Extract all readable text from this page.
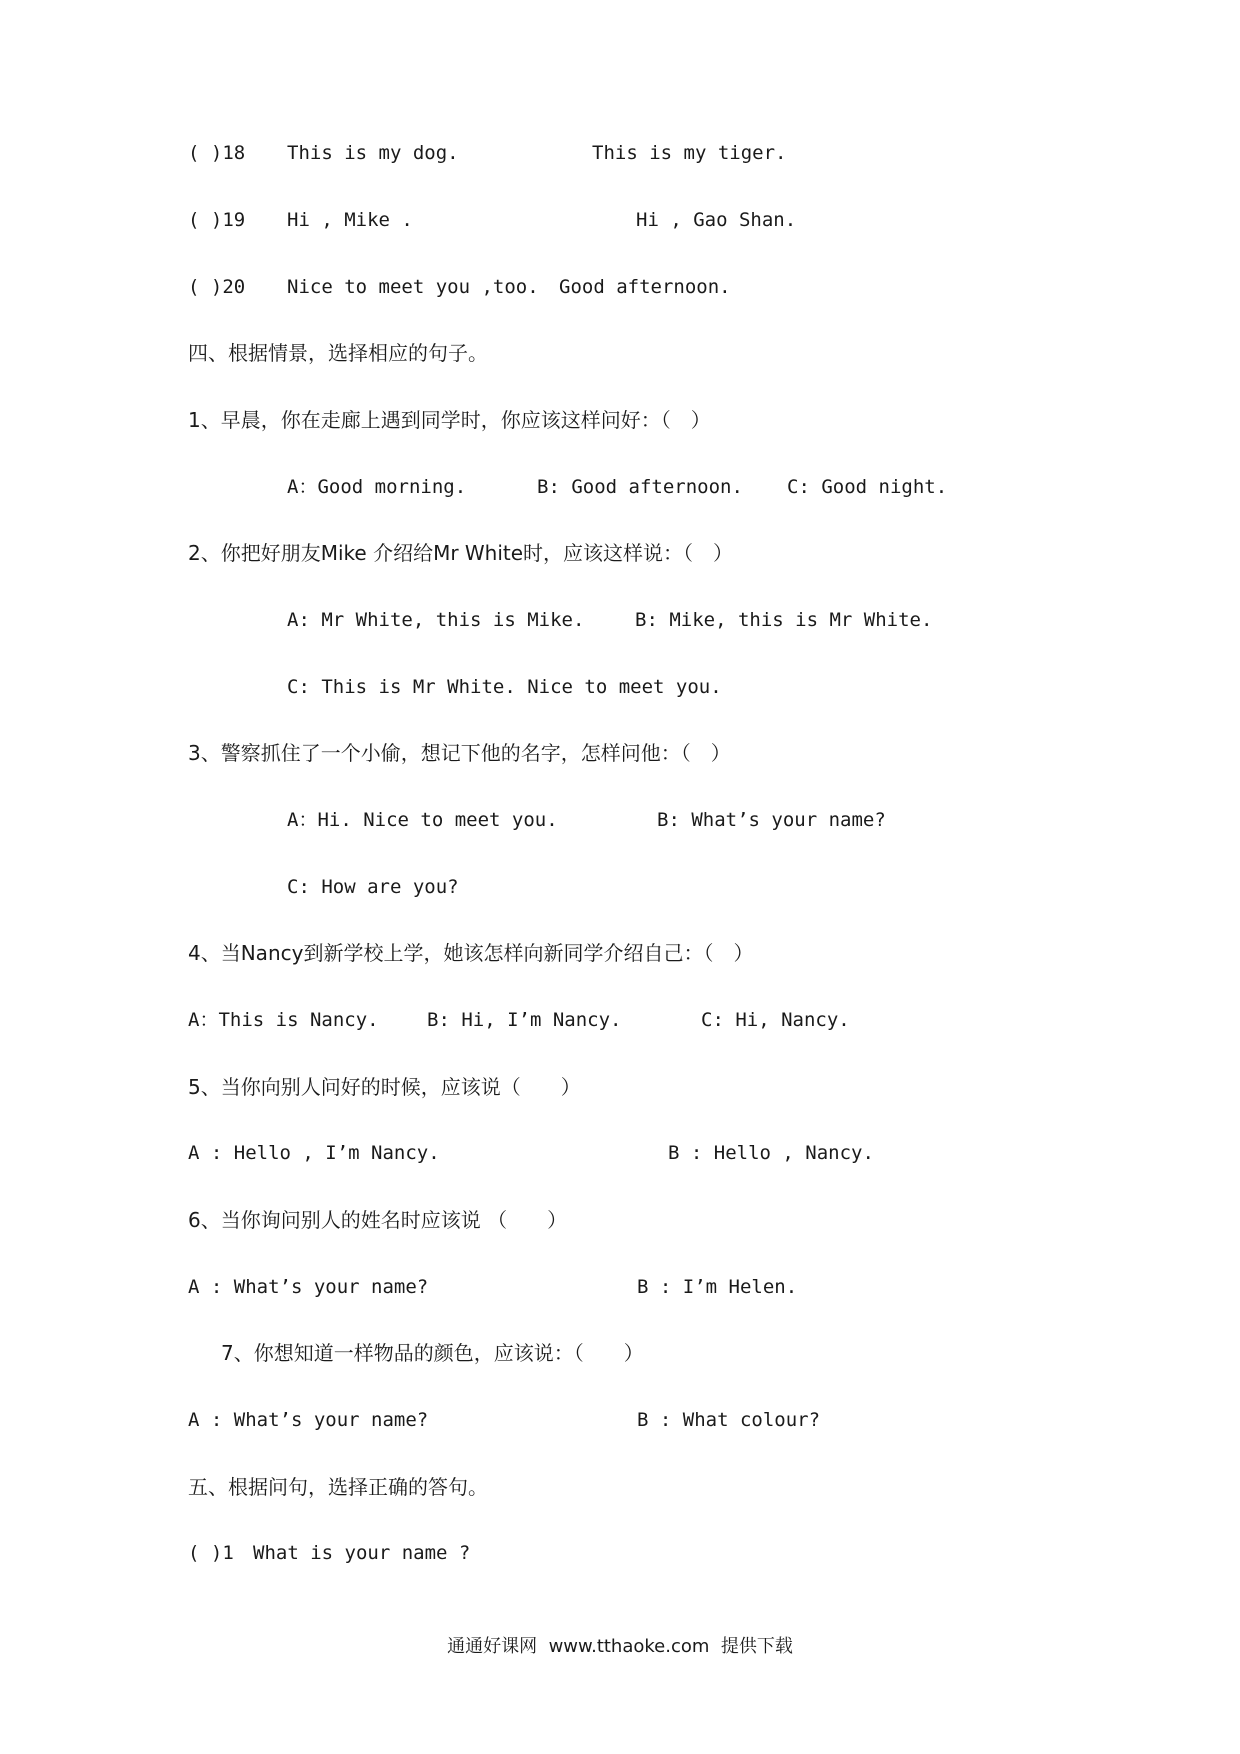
( )18 This is my dog.	This is my tiger.
( )19 Hi , Mike .	Hi , Gao Shan.
( )20 Nice to meet you ,too. Good afternoon.
四、根据情景，选择相应的句子。
1、早晨，你在走廊上遇到同学时，你应该这样问好：（　）
A：Good morning.	B: Good afternoon. C: Good night.
2、你把好朋友Mike 介绍给Mr White时，应该这样说：（　）
A: Mr White, this is Mike.	B: Mike, this is Mr White.
C: This is Mr White. Nice to meet you.
3、警察抓住了一个小偷，想记下他的名字，怎样问他：（　）
A：Hi. Nice to meet you.	B: What’s your name?
C: How are you?
4、当Nancy到新学校上学，她该怎样向新同学介绍自己：（　）
A：This is Nancy.	B: Hi, I’m Nancy.	C: Hi, Nancy.
5、当你向别人问好的时候，应该说（　　）
A : Hello , I’m Nancy.	B : Hello , Nancy.
6、当你询问别人的姓名时应该说 （　　）
A : What’s your name?	B : I’m Helen.
7、你想知道一样物品的颜色，应该说：（　　）
A : What’s your name?	B : What colour?
五、根据问句，选择正确的答句。
( )1 What is your name ?
通通好课网  www.tthaoke.com  提供下载
